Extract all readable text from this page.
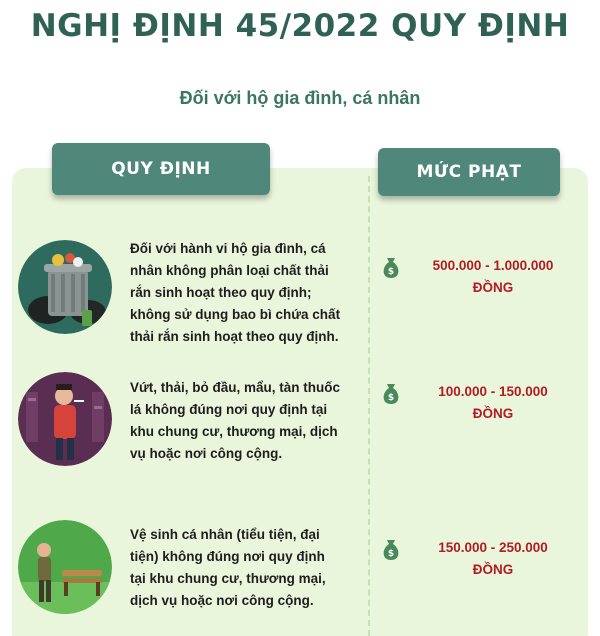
NGHỊ ĐỊNH 45/2022 QUY ĐỊNH
Đối với hộ gia đình, cá nhân
QUY ĐỊNH	MỨC PHẠT
Đối với hành vi hộ gia đình, cá
nhân không phân loại chất thải
rắn sinh hoạt theo quy định;
không sử dụng bao bì chứa chất
thải rắn sinh hoạt theo quy định.
$	500.000 - 1.000.000
ĐỒNG
Vứt, thải, bỏ đầu, mẩu, tàn thuốc
lá không đúng nơi quy định tại
khu chung cư, thương mại, dịch
vụ hoặc nơi công cộng.
$	100.000 - 150.000
ĐỒNG
Vệ sinh cá nhân (tiểu tiện, đại
tiện) không đúng nơi quy định
tại khu chung cư, thương mại,
dịch vụ hoặc nơi công cộng.
$	150.000 - 250.000
ĐỒNG
